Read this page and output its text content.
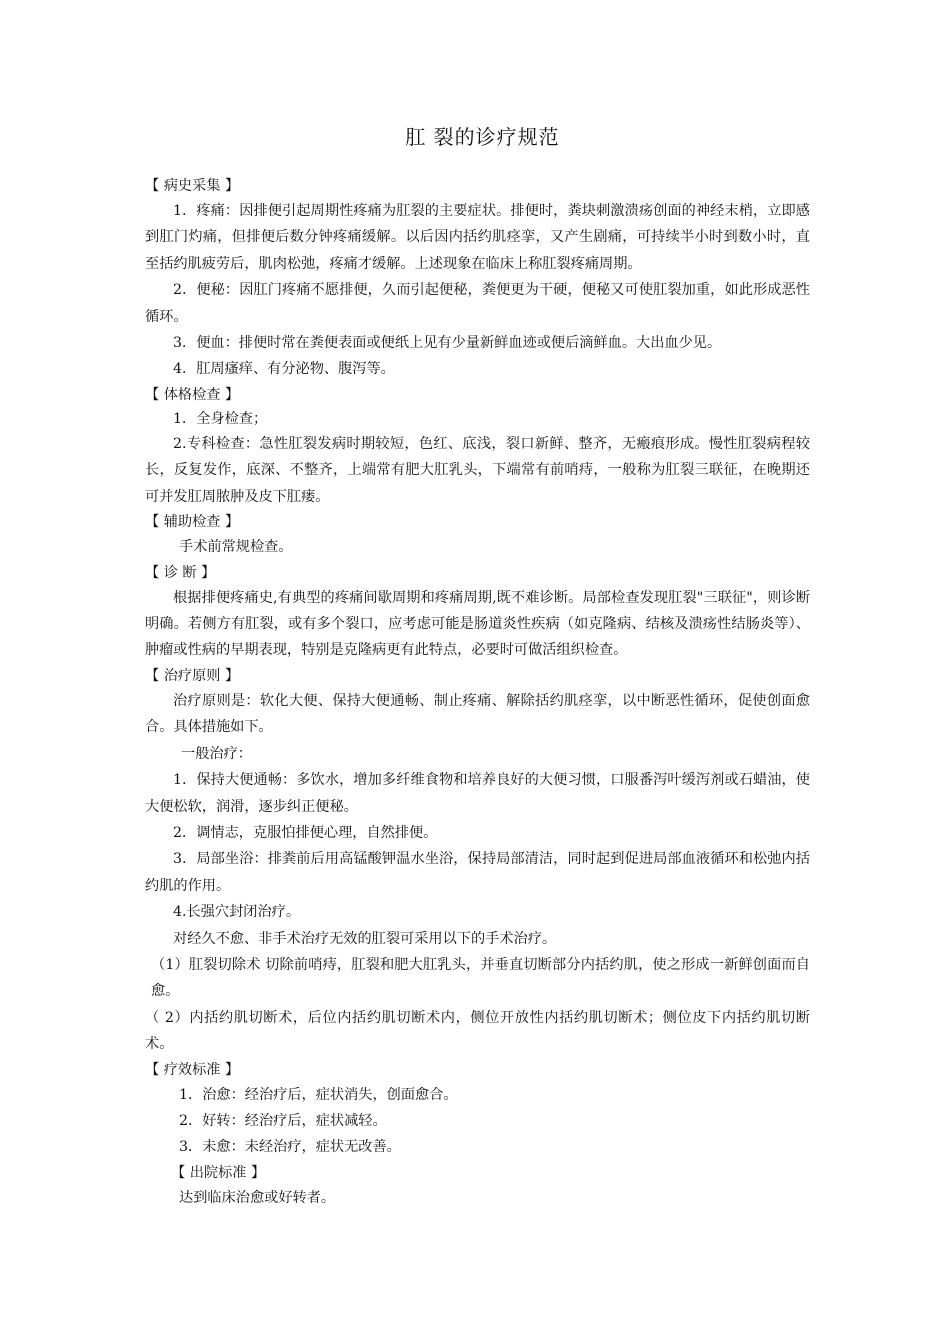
肛 裂的诊疗规范
【 病史采集 】
1．疼痛：因排便引起周期性疼痛为肛裂的主要症状。排便时，粪块刺激溃疡创面的神经末梢，立即感到肛门灼痛，但排便后数分钟疼痛缓解。以后因内括约肌痉挛，又产生剧痛，可持续半小时到数小时，直至括约肌疲劳后，肌肉松弛，疼痛才缓解。上述现象在临床上称肛裂疼痛周期。
2．便秘：因肛门疼痛不愿排便，久而引起便秘，粪便更为干硬，便秘又可使肛裂加重，如此形成恶性循环。
3．便血：排便时常在粪便表面或便纸上见有少量新鲜血迹或便后滴鲜血。大出血少见。
4．肛周瘙痒、有分泌物、腹泻等。
【 体格检查 】
1．全身检查；
2.专科检查：急性肛裂发病时期较短，色红、底浅，裂口新鲜、整齐，无瘢痕形成。慢性肛裂病程较长，反复发作，底深、不整齐，上端常有肥大肛乳头，下端常有前哨痔，一般称为肛裂三联征，在晚期还可并发肛周脓肿及皮下肛瘘。
【 辅助检查 】
手术前常规检查。
【 诊 断 】
根据排便疼痛史,有典型的疼痛间歇周期和疼痛周期,既不难诊断。局部检查发现肛裂"三联征"，则诊断明确。若侧方有肛裂，或有多个裂口，应考虑可能是肠道炎性疾病（如克隆病、结核及溃疡性结肠炎等）、肿瘤或性病的早期表现，特别是克隆病更有此特点，必要时可做活组织检查。
【 治疗原则 】
治疗原则是：软化大便、保持大便通畅、制止疼痛、解除括约肌痉挛，以中断恶性循环，促使创面愈合。具体措施如下。
一般治疗：
1．保持大便通畅：多饮水，增加多纤维食物和培养良好的大便习惯，口服番泻叶缓泻剂或石蜡油，使大便松软，润滑，逐步纠正便秘。
2．调情志，克服怕排便心理，自然排便。
3．局部坐浴：排粪前后用高锰酸钾温水坐浴，保持局部清洁，同时起到促进局部血液循环和松弛内括约肌的作用。
4.长强穴封闭治疗。
对经久不愈、非手术治疗无效的肛裂可采用以下的手术治疗。
（1）肛裂切除术 切除前哨痔，肛裂和肥大肛乳头，并垂直切断部分内括约肌，使之形成一新鲜创面而自愈。
（ 2）内括约肌切断术，后位内括约肌切断术内，侧位开放性内括约肌切断术；侧位皮下内括约肌切断术。
【 疗效标准 】
1．治愈：经治疗后，症状消失，创面愈合。
2．好转：经治疗后，症状减轻。
3．未愈：未经治疗，症状无改善。
【 出院标准 】
达到临床治愈或好转者。
